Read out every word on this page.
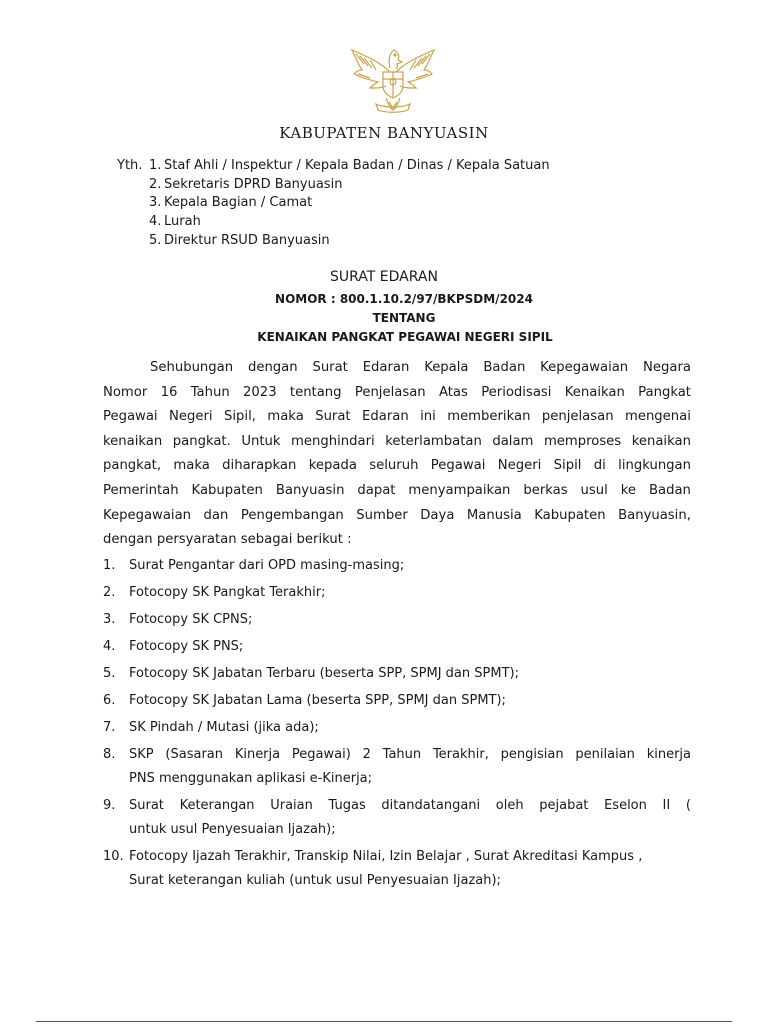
KABUPATEN BANYUASIN
Yth. 1. Staf Ahli / Inspektur / Kepala Badan / Dinas / Kepala Satuan
2. Sekretaris DPRD Banyuasin
3. Kepala Bagian / Camat
4. Lurah
5. Direktur RSUD Banyuasin
SURAT EDARAN
NOMOR : 800.1.10.2/97/BKPSDM/2024
TENTANG
KENAIKAN PANGKAT PEGAWAI NEGERI SIPIL
Sehubungan dengan Surat Edaran Kepala Badan Kepegawaian Negara
Nomor 16 Tahun 2023 tentang Penjelasan Atas Periodisasi Kenaikan Pangkat
Pegawai Negeri Sipil, maka Surat Edaran ini memberikan penjelasan mengenai
kenaikan pangkat. Untuk menghindari keterlambatan dalam memproses kenaikan
pangkat, maka diharapkan kepada seluruh Pegawai Negeri Sipil di lingkungan
Pemerintah Kabupaten Banyuasin dapat menyampaikan berkas usul ke Badan
Kepegawaian dan Pengembangan Sumber Daya Manusia Kabupaten Banyuasin,
dengan persyaratan sebagai berikut :
1.	Surat Pengantar dari OPD masing-masing;
2.	Fotocopy SK Pangkat Terakhir;
3.	Fotocopy SK CPNS;
4.	Fotocopy SK PNS;
5.	Fotocopy SK Jabatan Terbaru (beserta SPP, SPMJ dan SPMT);
6.	Fotocopy SK Jabatan Lama (beserta SPP, SPMJ dan SPMT);
7.	SK Pindah / Mutasi (jika ada);
8.	SKP (Sasaran Kinerja Pegawai) 2 Tahun Terakhir, pengisian penilaian kinerja
PNS menggunakan aplikasi e-Kinerja;
9.	Surat Keterangan Uraian Tugas ditandatangani oleh pejabat Eselon II (
untuk usul Penyesuaian Ijazah);
10. Fotocopy Ijazah Terakhir, Transkip Nilai, Izin Belajar , Surat Akreditasi Kampus ,
Surat keterangan kuliah (untuk usul Penyesuaian Ijazah);
